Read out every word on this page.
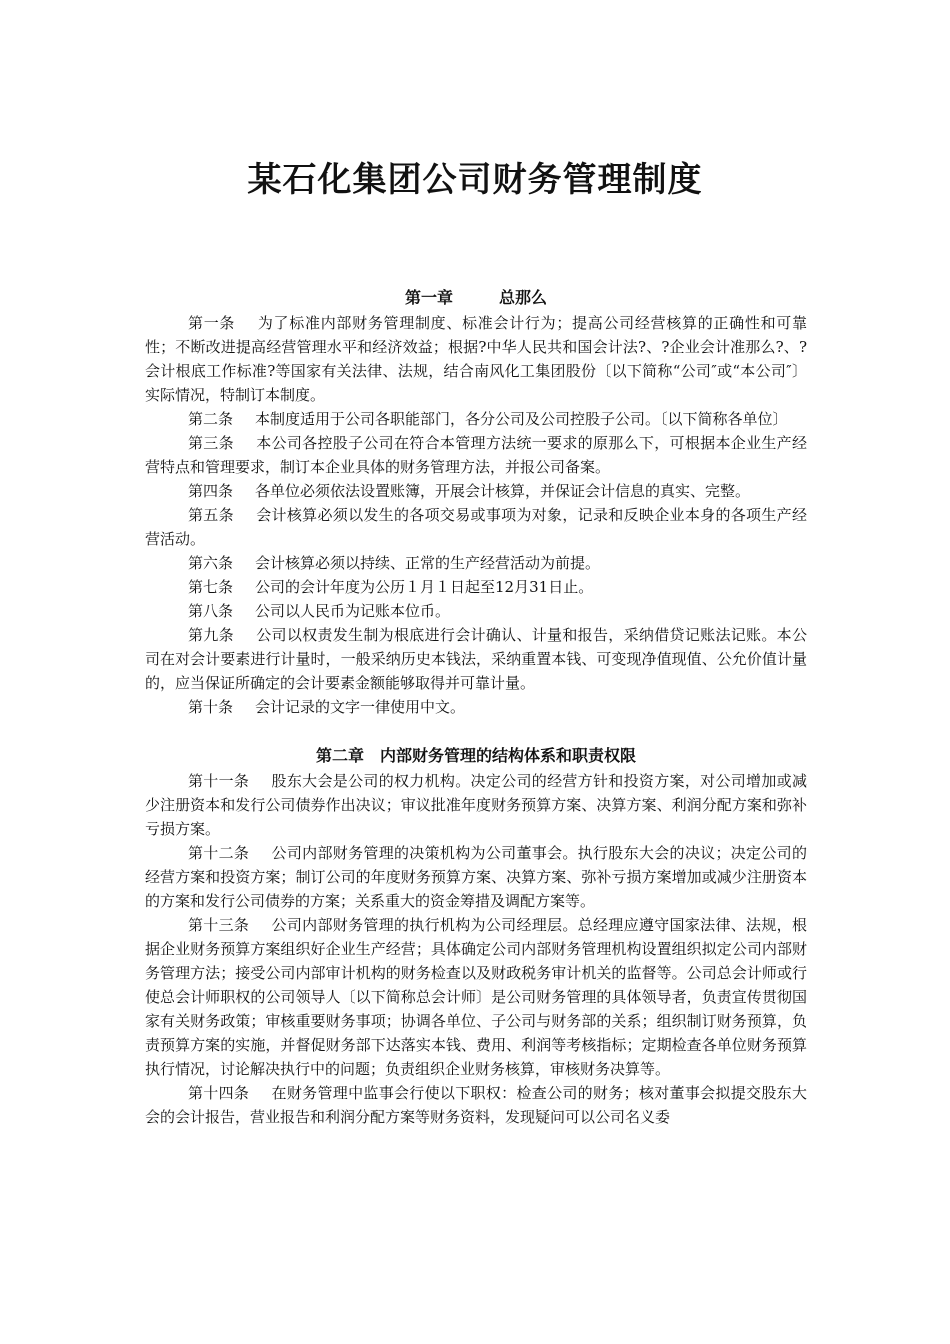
某石化集团公司财务管理制度
第一章	总那么

第一条 为了标准内部财务管理制度、标准会计行为；提高公司经营核算的正确性和可靠性；不断改进提高经营管理水平和经济效益；根据?中华人民共和国会计法?、?企业会计准那么?、?会计根底工作标准?等国家有关法律、法规，结合南风化工集团股份〔以下简称“公司″或“本公司″〕实际情况，特制订本制度。

第二条 本制度适用于公司各职能部门，各分公司及公司控股子公司。〔以下简称各单位〕

第三条 本公司各控股子公司在符合本管理方法统一要求的原那么下，可根据本企业生产经营特点和管理要求，制订本企业具体的财务管理方法，并报公司备案。

第四条 各单位必须依法设置账簿，开展会计核算，并保证会计信息的真实、完整。

第五条 会计核算必须以发生的各项交易或事项为对象，记录和反映企业本身的各项生产经营活动。

第六条 会计核算必须以持续、正常的生产经营活动为前提。

第七条 公司的会计年度为公历１月１日起至12月31日止。

第八条 公司以人民币为记账本位币。

第九条 公司以权责发生制为根底进行会计确认、计量和报告，采纳借贷记账法记账。本公司在对会计要素进行计量时，一般采纳历史本钱法，采纳重置本钱、可变现净值现值、公允价值计量的，应当保证所确定的会计要素金额能够取得并可靠计量。

第十条 会计记录的文字一律使用中文。

第二章 内部财务管理的结构体系和职责权限

第十一条 股东大会是公司的权力机构。决定公司的经营方针和投资方案，对公司增加或减少注册资本和发行公司债券作出决议；审议批准年度财务预算方案、决算方案、利润分配方案和弥补亏损方案。

第十二条 公司内部财务管理的决策机构为公司董事会。执行股东大会的决议；决定公司的经营方案和投资方案；制订公司的年度财务预算方案、决算方案、弥补亏损方案增加或减少注册资本的方案和发行公司债券的方案；关系重大的资金筹措及调配方案等。

第十三条 公司内部财务管理的执行机构为公司经理层。总经理应遵守国家法律、法规，根据企业财务预算方案组织好企业生产经营；具体确定公司内部财务管理机构设置组织拟定公司内部财务管理方法；接受公司内部审计机构的财务检查以及财政税务审计机关的监督等。公司总会计师或行使总会计师职权的公司领导人〔以下简称总会计师〕是公司财务管理的具体领导者，负责宣传贯彻国家有关财务政策；审核重要财务事项；协调各单位、子公司与财务部的关系；组织制订财务预算，负责预算方案的实施，并督促财务部下达落实本钱、费用、利润等考核指标；定期检查各单位财务预算执行情况，讨论解决执行中的问题；负责组织企业财务核算，审核财务决算等。

第十四条 在财务管理中监事会行使以下职权：检查公司的财务；核对董事会拟提交股东大会的会计报告，营业报告和利润分配方案等财务资料，发现疑问可以公司名义委
